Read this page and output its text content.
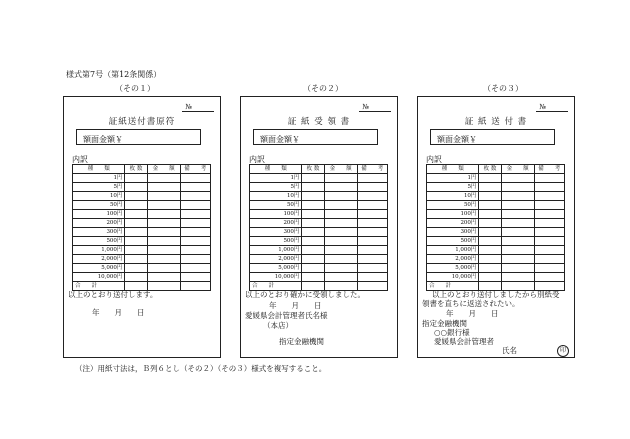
様式第7号（第12条関係）
（その１）	（その２）	（その３）
№
証紙送付書原符
額面金額￥
内訳
種　　類	枚 数	金　　額	備　　考
1円			
5円			
10円			
50円			
100円			
200円			
300円			
500円			
1,000円			
2,000円			
5,000円			
10,000円			
合　　計			
以上のとおり送付します。
年　　月　　日
№
証 紙 受 領 書
額面金額￥
内訳
種　　類	枚 数	金　　額	備　　考
1円			
5円			
10円			
50円			
100円			
200円			
300円			
500円			
1,000円			
2,000円			
5,000円			
10,000円			
合　　計			
以上のとおり確かに受領しました。
年　　月　　日
愛媛県会計管理者氏名様
（本店）
指定金融機関
№
証 紙 送 付 書
額面金額￥
内訳
種　　類	枚 数	金　　額	備　　考
1円			
5円			
10円			
50円			
100円			
200円			
300円			
500円			
1,000円			
2,000円			
5,000円			
10,000円			
合　　計			
以上のとおり送付しましたから別紙受
領書を直ちに返送されたい。
年　　月　　日
指定金融機関
○○銀行様
愛媛県会計管理者
氏名	印
（注）用紙寸法は，Ｂ列６とし（その２）（その３）様式を複写すること。
